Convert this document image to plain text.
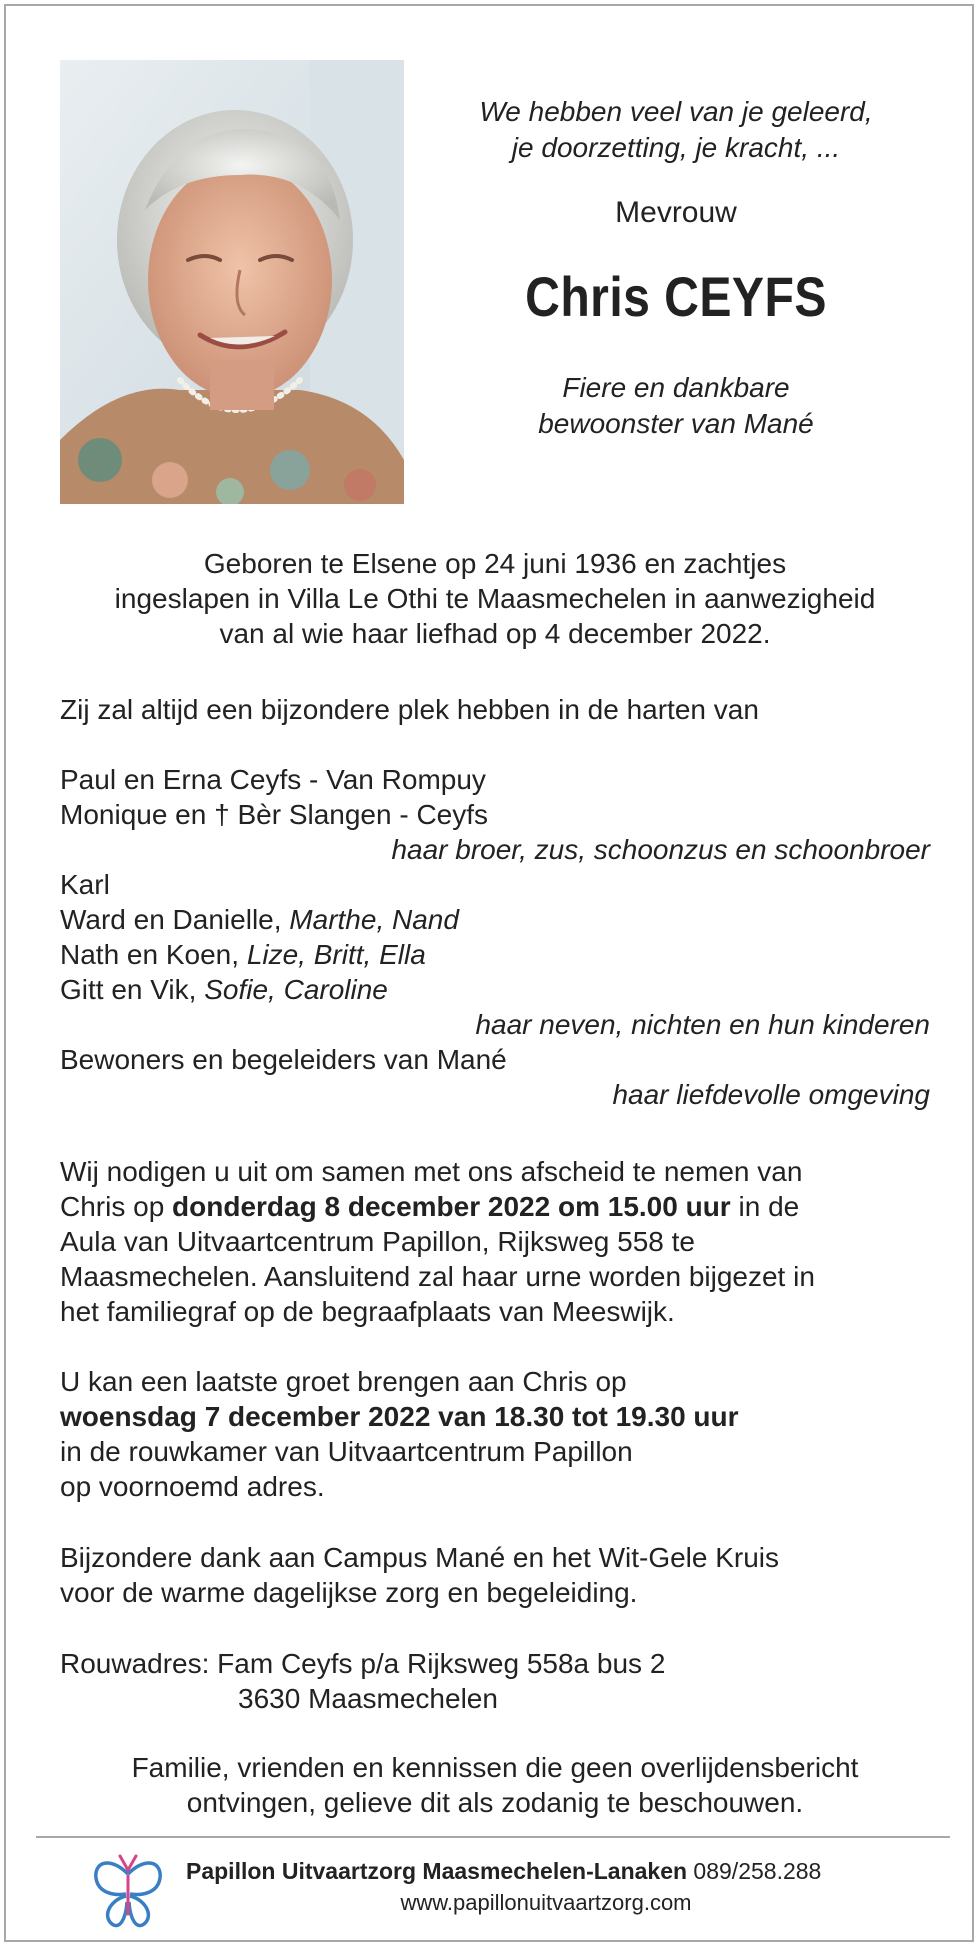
We hebben veel van je geleerd,
je doorzetting, je kracht, ...
Mevrouw
Chris CEYFS
Fiere en dankbare
bewoonster van Mané
Geboren te Elsene op 24 juni 1936 en zachtjes
ingeslapen in Villa Le Othi te Maasmechelen in aanwezigheid
van al wie haar liefhad op 4 december 2022.
Zij zal altijd een bijzondere plek hebben in de harten van
Paul en Erna Ceyfs - Van Rompuy
Monique en † Bèr Slangen - Ceyfs
haar broer, zus, schoonzus en schoonbroer
Karl
Ward en Danielle, Marthe, Nand
Nath en Koen, Lize, Britt, Ella
Gitt en Vik, Sofie, Caroline
haar neven, nichten en hun kinderen
Bewoners en begeleiders van Mané
haar liefdevolle omgeving
Wij nodigen u uit om samen met ons afscheid te nemen van
Chris op donderdag 8 december 2022 om 15.00 uur in de
Aula van Uitvaartcentrum Papillon, Rijksweg 558 te
Maasmechelen. Aansluitend zal haar urne worden bijgezet in
het familiegraf op de begraafplaats van Meeswijk.
U kan een laatste groet brengen aan Chris op
woensdag 7 december 2022 van 18.30 tot 19.30 uur
in de rouwkamer van Uitvaartcentrum Papillon
op voornoemd adres.
Bijzondere dank aan Campus Mané en het Wit-Gele Kruis
voor de warme dagelijkse zorg en begeleiding.
Rouwadres: Fam Ceyfs p/a Rijksweg 558a bus 2
3630 Maasmechelen
Familie, vrienden en kennissen die geen overlijdensbericht
ontvingen, gelieve dit als zodanig te beschouwen.
Papillon Uitvaartzorg Maasmechelen-Lanaken 089/258.288
www.papillonuitvaartzorg.com
